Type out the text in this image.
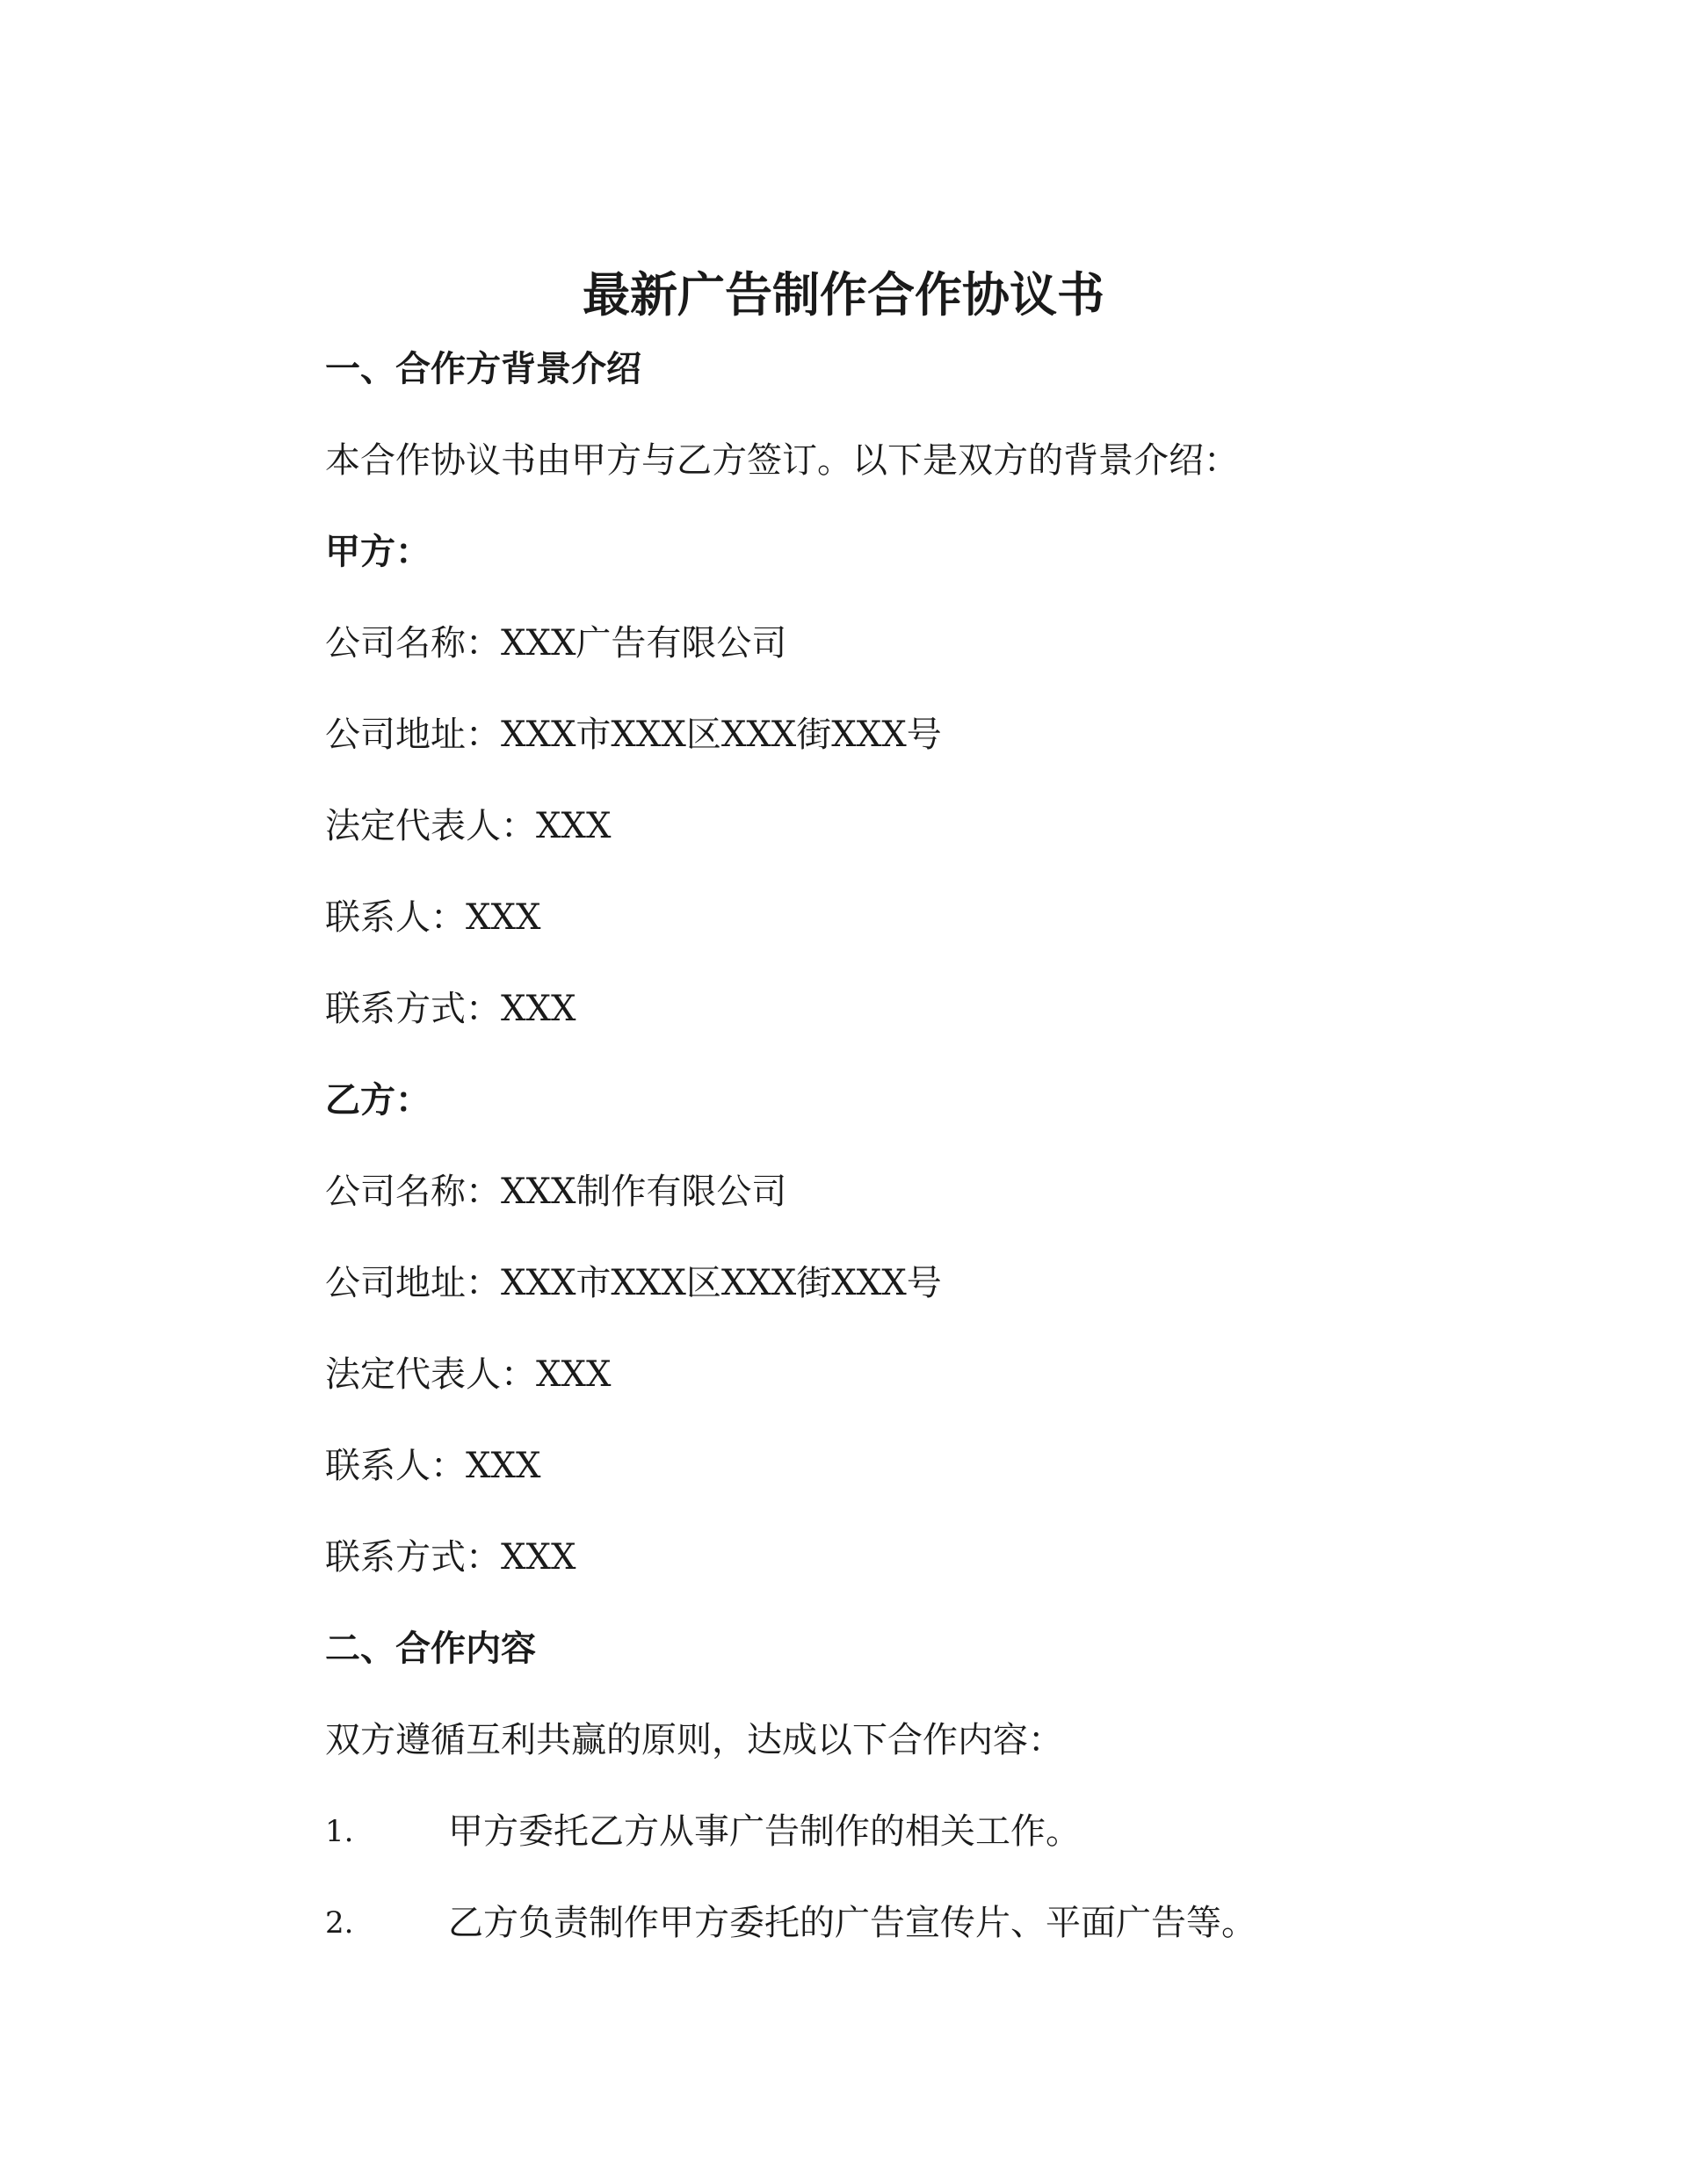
最新广告制作合作协议书
一、合作方背景介绍
本合作协议书由甲方与乙方签订。以下是双方的背景介绍：
甲方：
公司名称：XXX广告有限公司
公司地址：XXX市XXX区XXX街XXX号
法定代表人：XXX
联系人：XXX
联系方式：XXX
乙方：
公司名称：XXX制作有限公司
公司地址：XXX市XXX区XXX街XXX号
法定代表人：XXX
联系人：XXX
联系方式：XXX
二、合作内容
双方遵循互利共赢的原则，达成以下合作内容：
1.	甲方委托乙方从事广告制作的相关工作。
2.	乙方负责制作甲方委托的广告宣传片、平面广告等。
